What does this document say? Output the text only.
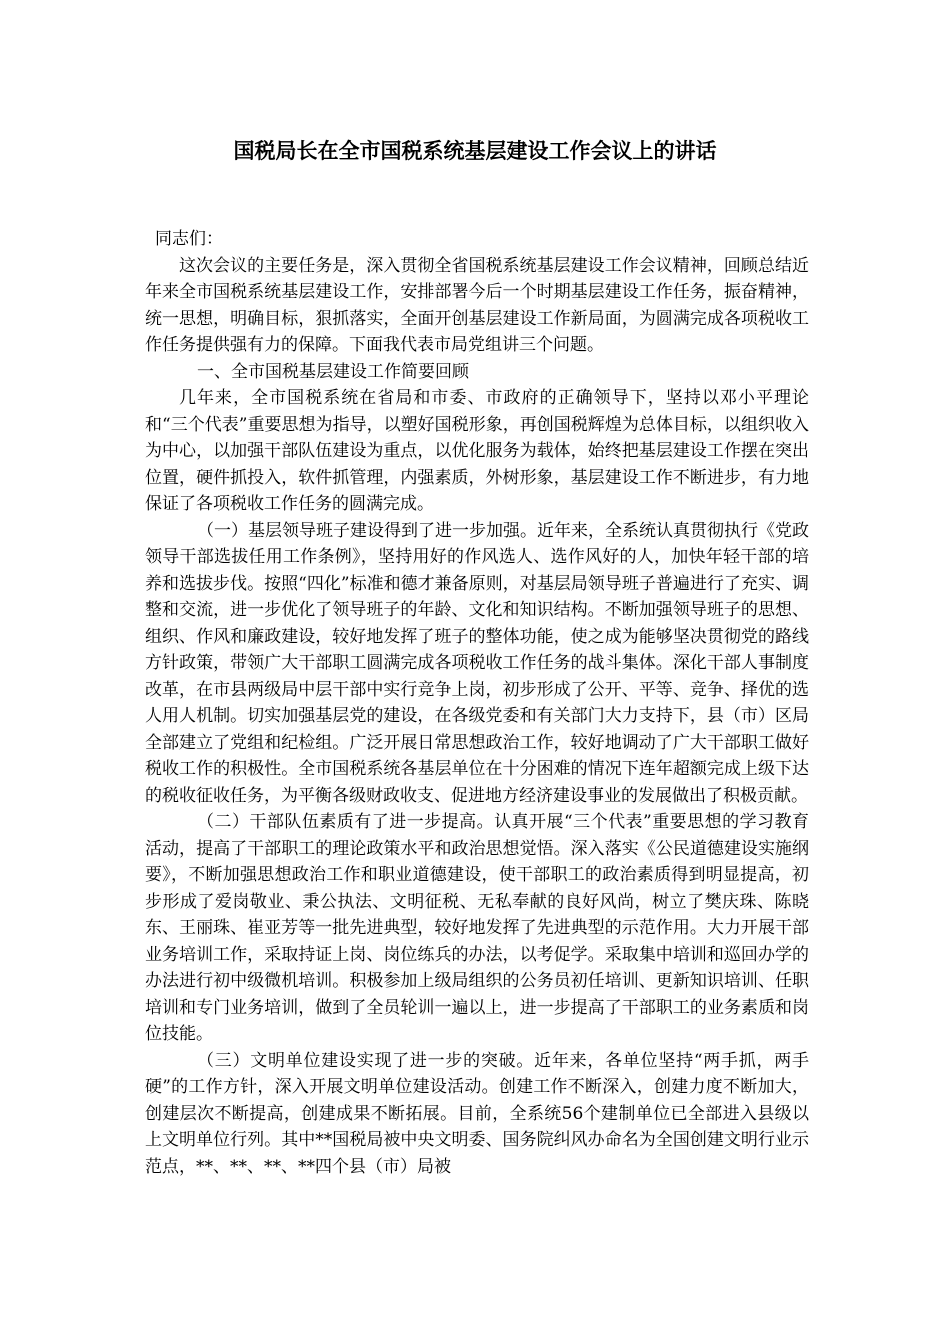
国税局长在全市国税系统基层建设工作会议上的讲话

同志们：

这次会议的主要任务是，深入贯彻全省国税系统基层建设工作会议精神，回顾总结近年来全市国税系统基层建设工作，安排部署今后一个时期基层建设工作任务，振奋精神，统一思想，明确目标，狠抓落实，全面开创基层建设工作新局面，为圆满完成各项税收工作任务提供强有力的保障。下面我代表市局党组讲三个问题。

一、全市国税基层建设工作简要回顾

几年来，全市国税系统在省局和市委、市政府的正确领导下，坚持以邓小平理论和“三个代表”重要思想为指导，以塑好国税形象，再创国税辉煌为总体目标，以组织收入为中心，以加强干部队伍建设为重点，以优化服务为载体，始终把基层建设工作摆在突出位置，硬件抓投入，软件抓管理，内强素质，外树形象，基层建设工作不断进步，有力地保证了各项税收工作任务的圆满完成。

（一）基层领导班子建设得到了进一步加强。近年来，全系统认真贯彻执行《党政领导干部选拔任用工作条例》，坚持用好的作风选人、选作风好的人，加快年轻干部的培养和选拔步伐。按照“四化”标准和德才兼备原则，对基层局领导班子普遍进行了充实、调整和交流，进一步优化了领导班子的年龄、文化和知识结构。不断加强领导班子的思想、组织、作风和廉政建设，较好地发挥了班子的整体功能，使之成为能够坚决贯彻党的路线方针政策，带领广大干部职工圆满完成各项税收工作任务的战斗集体。深化干部人事制度改革，在市县两级局中层干部中实行竞争上岗，初步形成了公开、平等、竞争、择优的选人用人机制。切实加强基层党的建设，在各级党委和有关部门大力支持下，县（市）区局全部建立了党组和纪检组。广泛开展日常思想政治工作，较好地调动了广大干部职工做好税收工作的积极性。全市国税系统各基层单位在十分困难的情况下连年超额完成上级下达的税收征收任务，为平衡各级财政收支、促进地方经济建设事业的发展做出了积极贡献。

（二）干部队伍素质有了进一步提高。认真开展“三个代表”重要思想的学习教育活动，提高了干部职工的理论政策水平和政治思想觉悟。深入落实《公民道德建设实施纲要》，不断加强思想政治工作和职业道德建设，使干部职工的政治素质得到明显提高，初步形成了爱岗敬业、秉公执法、文明征税、无私奉献的良好风尚，树立了樊庆珠、陈晓东、王丽珠、崔亚芳等一批先进典型，较好地发挥了先进典型的示范作用。大力开展干部业务培训工作，采取持证上岗、岗位练兵的办法，以考促学。采取集中培训和巡回办学的办法进行初中级微机培训。积极参加上级局组织的公务员初任培训、更新知识培训、任职培训和专门业务培训，做到了全员轮训一遍以上，进一步提高了干部职工的业务素质和岗位技能。

（三）文明单位建设实现了进一步的突破。近年来，各单位坚持“两手抓，两手硬”的工作方针，深入开展文明单位建设活动。创建工作不断深入，创建力度不断加大，创建层次不断提高，创建成果不断拓展。目前，全系统56个建制单位已全部进入县级以上文明单位行列。其中**国税局被中央文明委、国务院纠风办命名为全国创建文明行业示范点，**、**、**、**四个县（市）局被
